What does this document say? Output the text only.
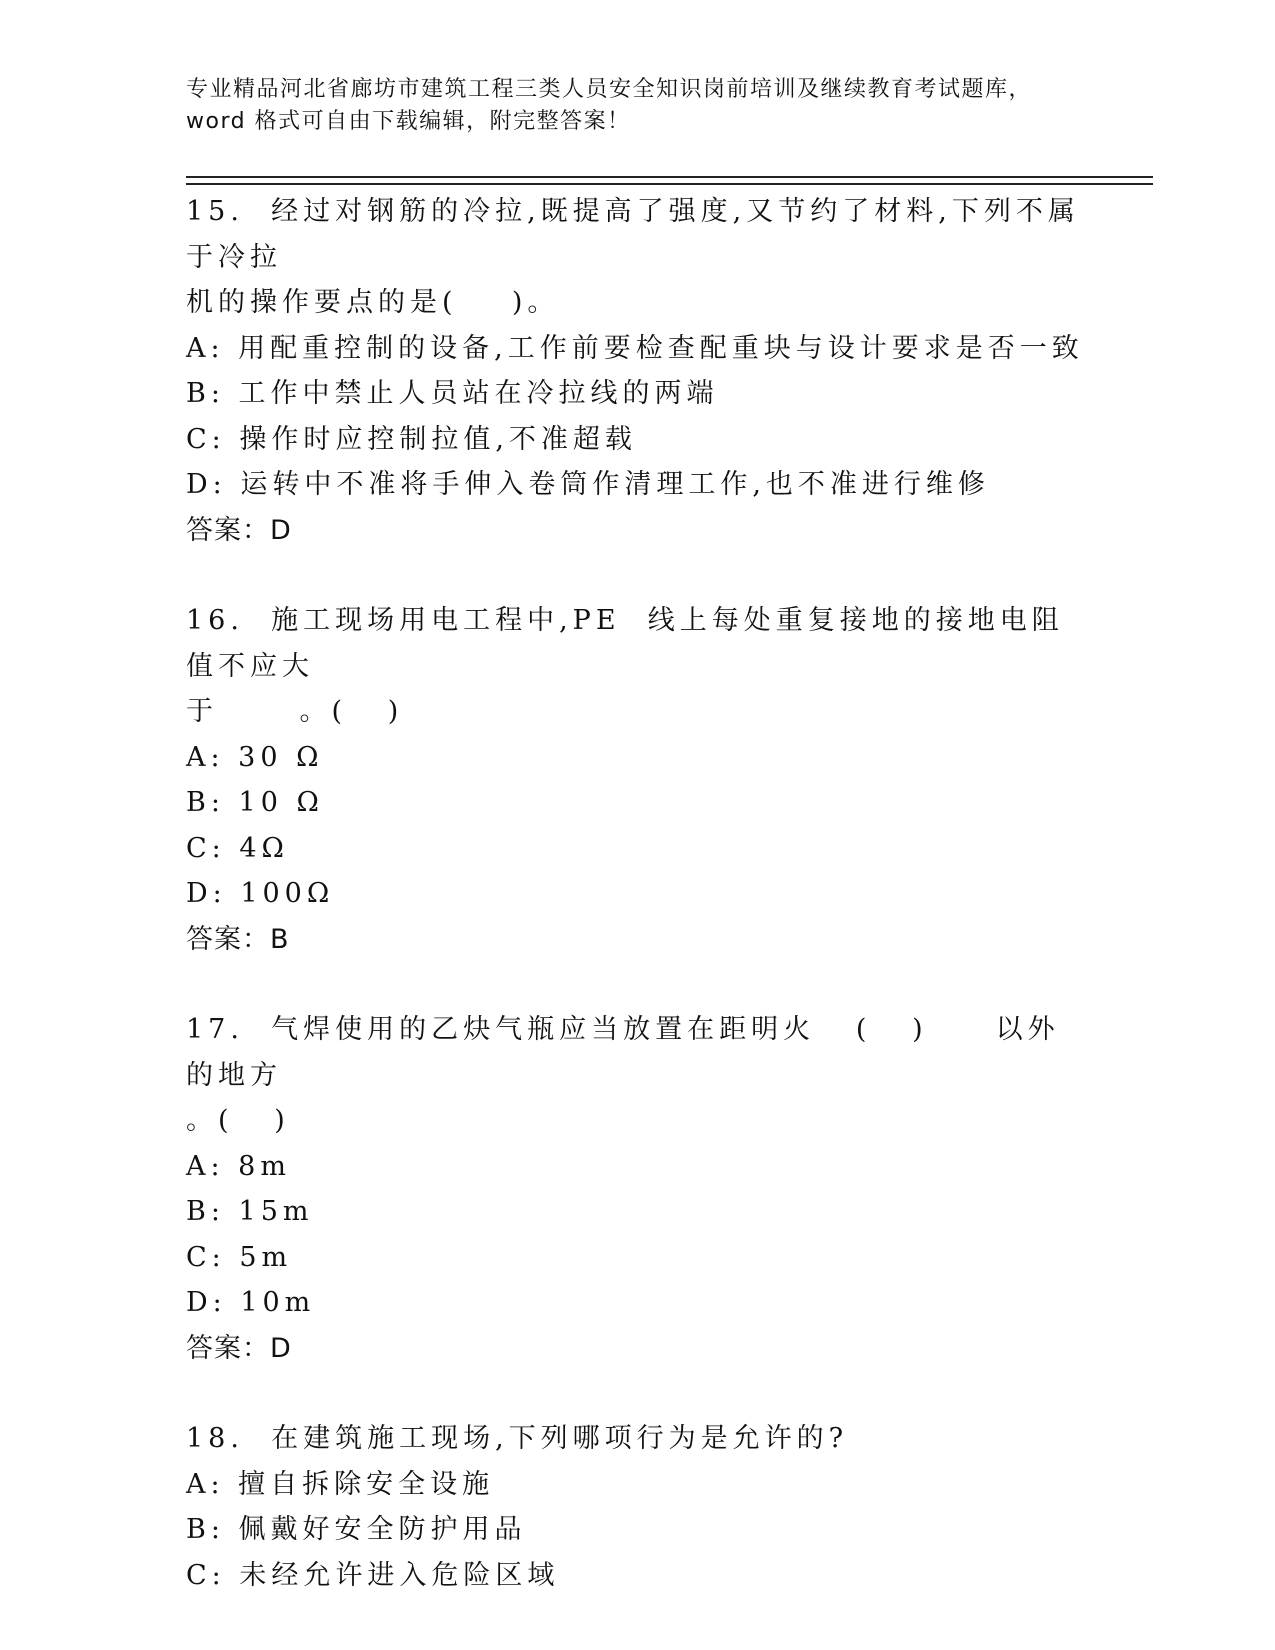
专业精品河北省廊坊市建筑工程三类人员安全知识岗前培训及继续教育考试题库，
word 格式可自由下载编辑，附完整答案！
15.  经过对钢筋的冷拉,既提高了强度,又节约了材料,下列不属于冷拉
机的操作要点的是(    )。
A: 用配重控制的设备,工作前要检查配重块与设计要求是否一致
B: 工作中禁止人员站在冷拉线的两端
C: 操作时应控制拉值,不准超载
D: 运转中不准将手伸入卷筒作清理工作,也不准进行维修
答案：D
16.  施工现场用电工程中,PE  线上每处重复接地的接地电阻值不应大
于      。(   )
A: 30 Ω
B: 10 Ω
C: 4Ω
D: 100Ω
答案：B
17.  气焊使用的乙炔气瓶应当放置在距明火   (   )     以外的地方
。(   )
A: 8m
B: 15m
C: 5m
D: 10m
答案：D
18.  在建筑施工现场,下列哪项行为是允许的?
A: 擅自拆除安全设施
B: 佩戴好安全防护用品
C: 未经允许进入危险区域
